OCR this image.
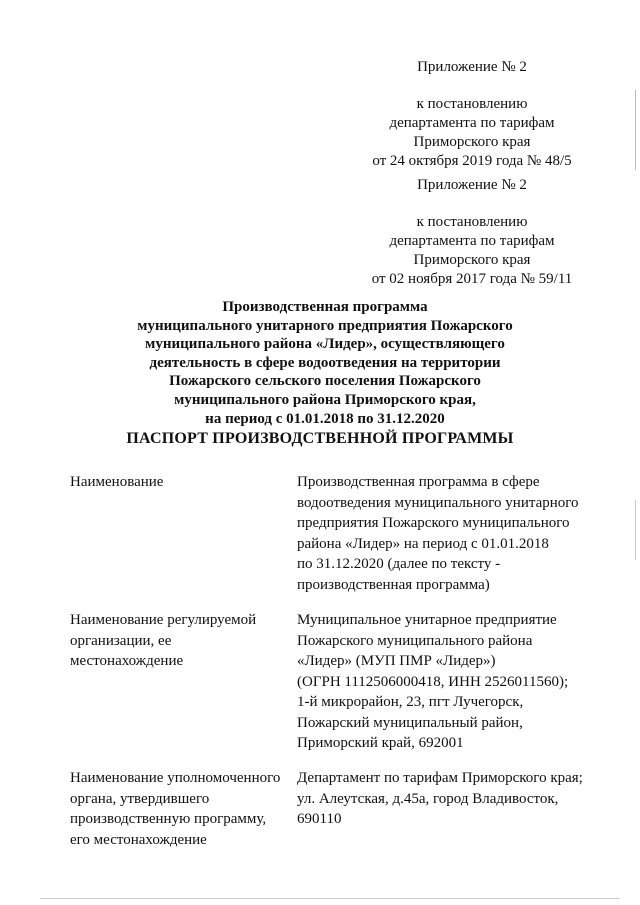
Приложение № 2
к постановлению
департамента по тарифам
Приморского края
от 24 октября 2019 года № 48/5
Приложение № 2
к постановлению
департамента по тарифам
Приморского края
от 02 ноября 2017 года № 59/11
Производственная программа
муниципального унитарного предприятия Пожарского
муниципального района «Лидер», осуществляющего
деятельность в сфере водоотведения на территории
Пожарского сельского поселения Пожарского
муниципального района Приморского края,
на период с 01.01.2018 по 31.12.2020
ПАСПОРТ ПРОИЗВОДСТВЕННОЙ ПРОГРАММЫ
Наименование	Производственная программа в сфере
водоотведения муниципального унитарного
предприятия Пожарского муниципального
района «Лидер» на период с 01.01.2018
по 31.12.2020 (далее по тексту -
производственная программа)
Наименование регулируемой
организации, ее
местонахождение
Муниципальное унитарное предприятие
Пожарского муниципального района
«Лидер» (МУП ПМР «Лидер»)
(ОГРН 1112506000418, ИНН 2526011560);
1-й микрорайон, 23, пгт Лучегорск,
Пожарский муниципальный район,
Приморский край, 692001
Наименование уполномоченного
органа, утвердившего
производственную программу,
его местонахождение
Департамент по тарифам Приморского края;
ул. Алеутская, д.45а, город Владивосток,
690110
